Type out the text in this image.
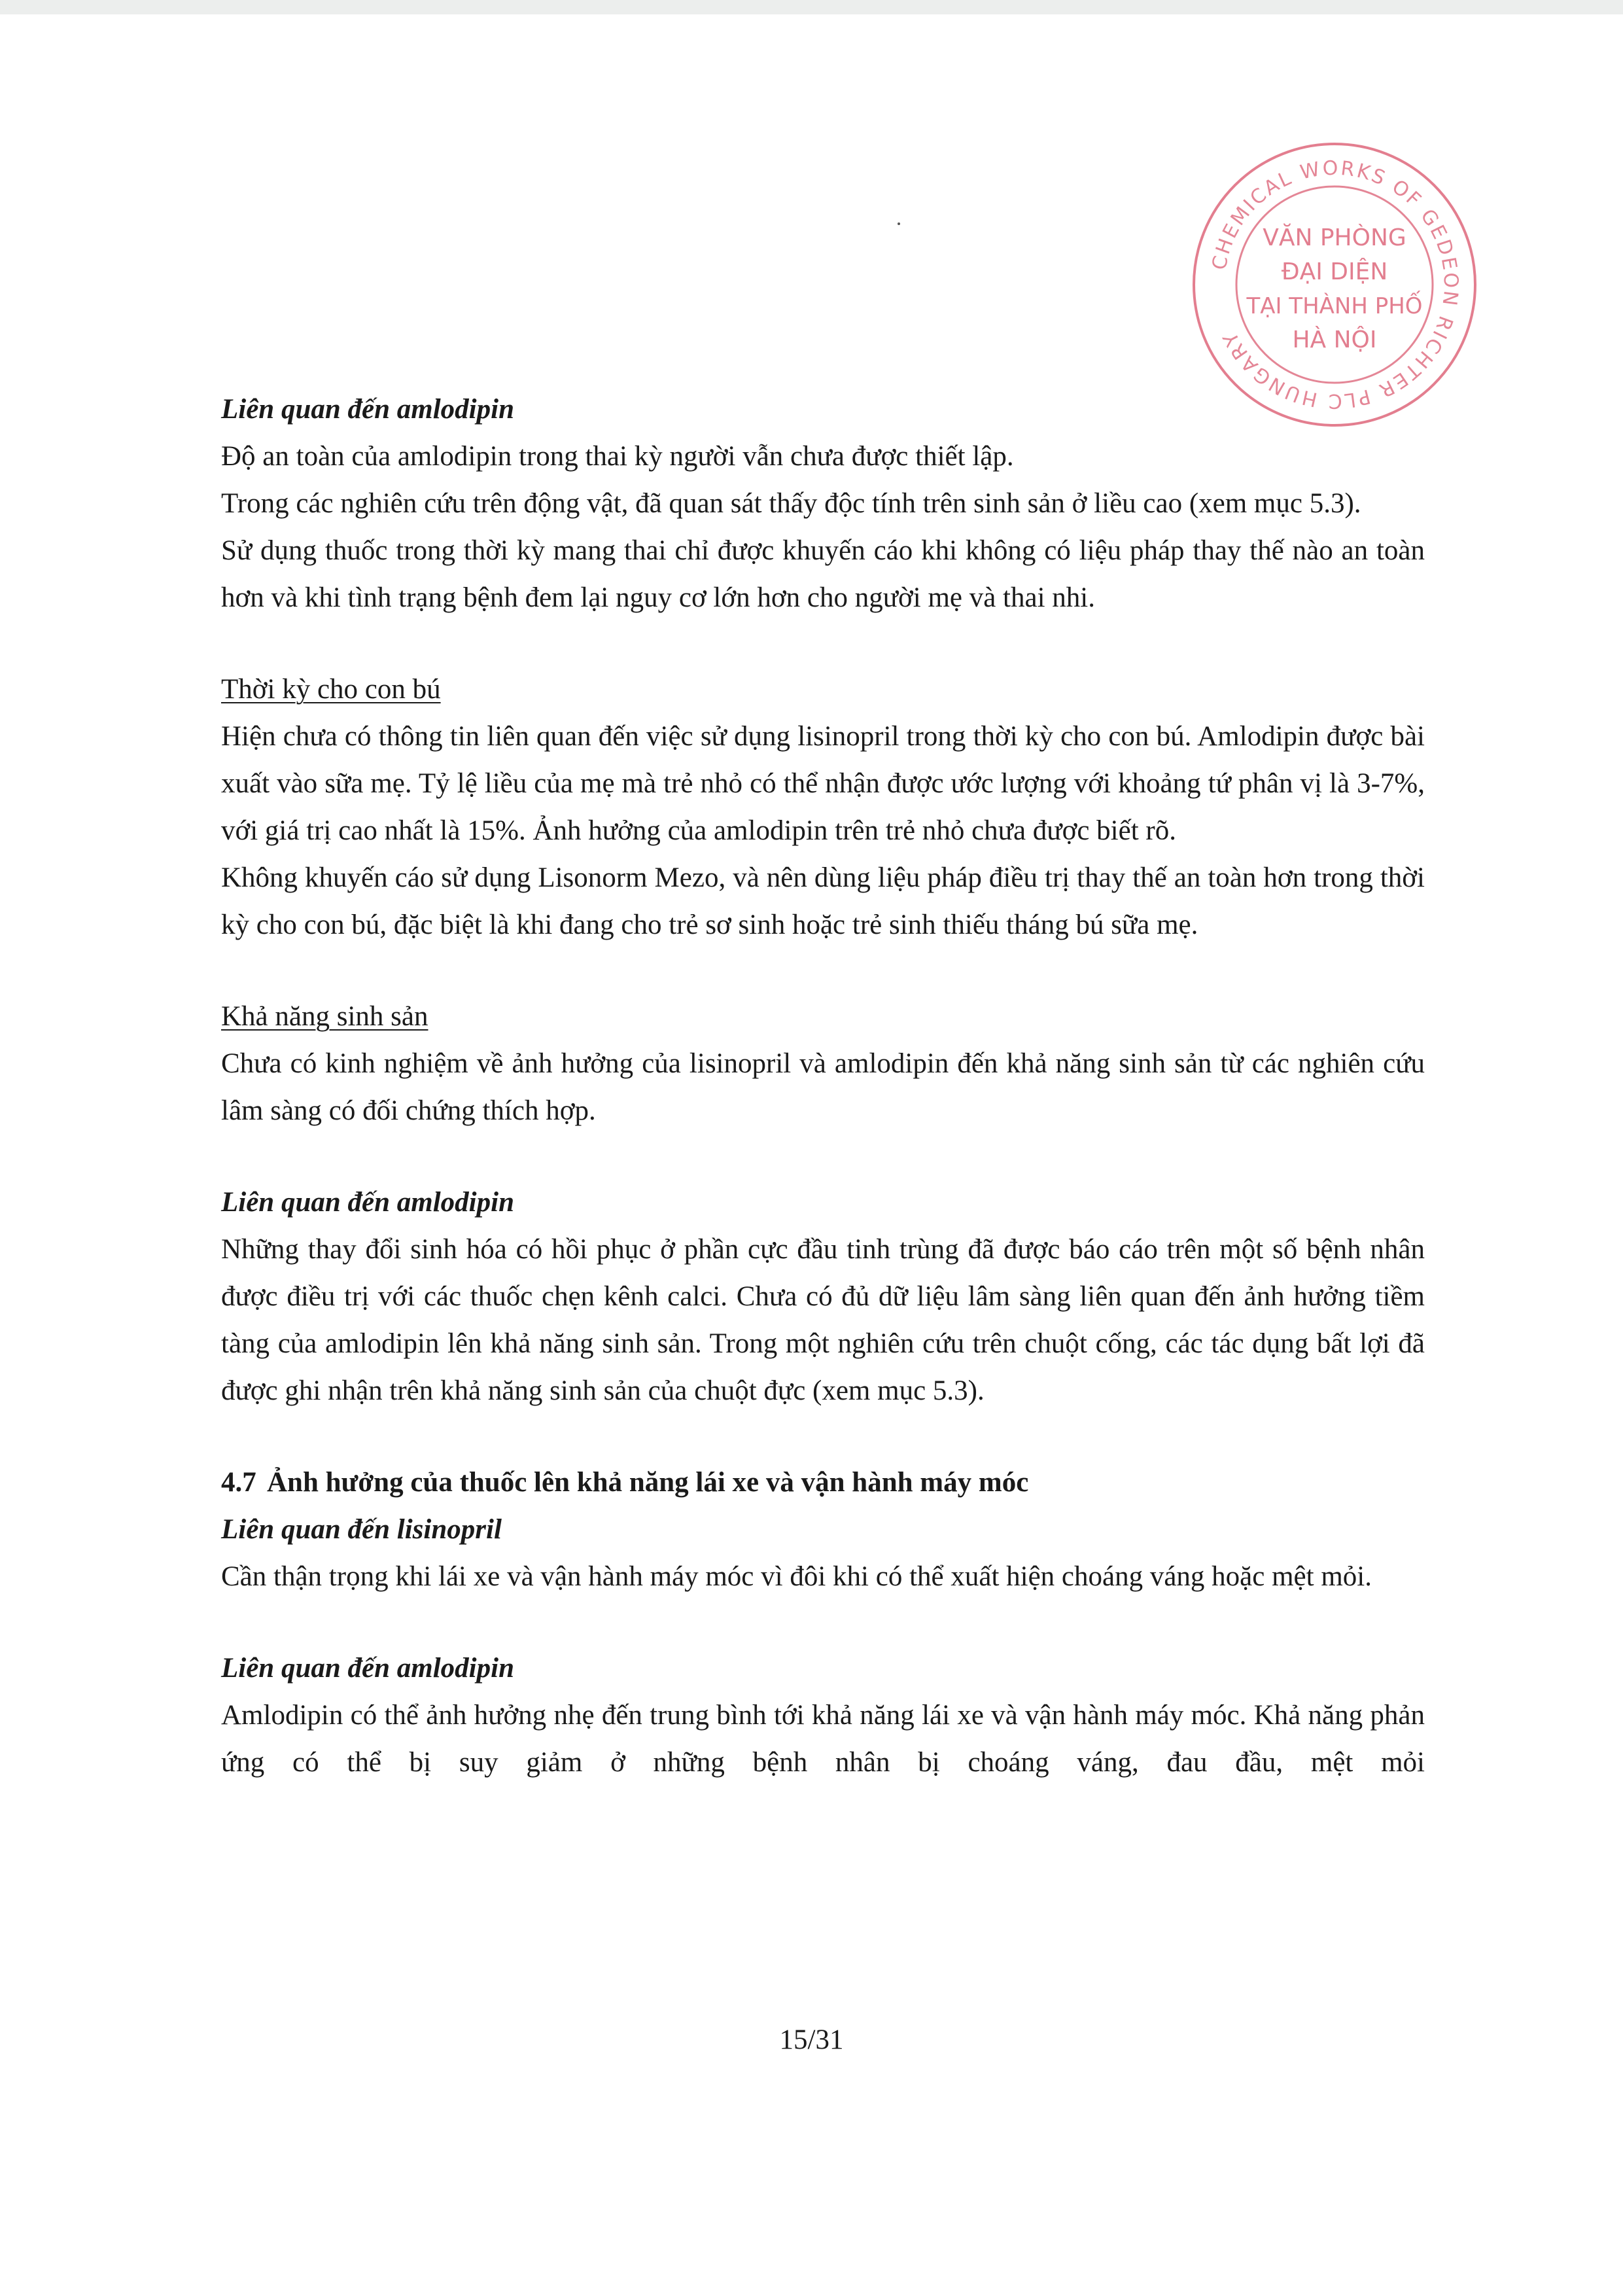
CHEMICAL WORKS OF GEDEON RICHTER PLC HUNGARY
VĂN PHÒNG
ĐẠI DIỆN
TẠI THÀNH PHỐ
HÀ NỘI

Liên quan đến amlodipin

Độ an toàn của amlodipin trong thai kỳ người vẫn chưa được thiết lập.

Trong các nghiên cứu trên động vật, đã quan sát thấy độc tính trên sinh sản ở liều cao (xem mục 5.3).

Sử dụng thuốc trong thời kỳ mang thai chỉ được khuyến cáo khi không có liệu pháp thay thế nào an toàn hơn và khi tình trạng bệnh đem lại nguy cơ lớn hơn cho người mẹ và thai nhi.

Thời kỳ cho con bú

Hiện chưa có thông tin liên quan đến việc sử dụng lisinopril trong thời kỳ cho con bú. Amlodipin được bài xuất vào sữa mẹ. Tỷ lệ liều của mẹ mà trẻ nhỏ có thể nhận được ước lượng với khoảng tứ phân vị là 3-7%, với giá trị cao nhất là 15%. Ảnh hưởng của amlodipin trên trẻ nhỏ chưa được biết rõ.

Không khuyến cáo sử dụng Lisonorm Mezo, và nên dùng liệu pháp điều trị thay thế an toàn hơn trong thời kỳ cho con bú, đặc biệt là khi đang cho trẻ sơ sinh hoặc trẻ sinh thiếu tháng bú sữa mẹ.

Khả năng sinh sản

Chưa có kinh nghiệm về ảnh hưởng của lisinopril và amlodipin đến khả năng sinh sản từ các nghiên cứu lâm sàng có đối chứng thích hợp.

Liên quan đến amlodipin

Những thay đổi sinh hóa có hồi phục ở phần cực đầu tinh trùng đã được báo cáo trên một số bệnh nhân được điều trị với các thuốc chẹn kênh calci. Chưa có đủ dữ liệu lâm sàng liên quan đến ảnh hưởng tiềm tàng của amlodipin lên khả năng sinh sản. Trong một nghiên cứu trên chuột cống, các tác dụng bất lợi đã được ghi nhận trên khả năng sinh sản của chuột đực (xem mục 5.3).

4.7 Ảnh hưởng của thuốc lên khả năng lái xe và vận hành máy móc

Liên quan đến lisinopril

Cần thận trọng khi lái xe và vận hành máy móc vì đôi khi có thể xuất hiện choáng váng hoặc mệt mỏi.

Liên quan đến amlodipin

Amlodipin có thể ảnh hưởng nhẹ đến trung bình tới khả năng lái xe và vận hành máy móc. Khả năng phản ứng có thể bị suy giảm ở những bệnh nhân bị choáng váng, đau đầu, mệt mỏi

15/31
